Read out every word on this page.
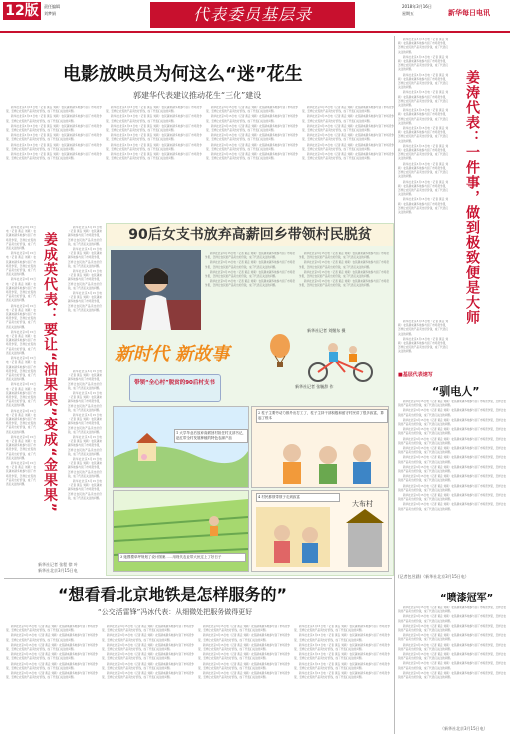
12版	责任编辑
刘梦娟	代表委员基层录	2018年3月16日
星期五	新华每日电讯
电影放映员为何这么“迷”花生
郭建华代表建议推动花生“三化”建设

新华社北京3月15日电（记者 黄垚 刘硕）农民越来越多地参与到了市场竞争里，怎样让农民的产品卖出好价钱，成了代表们关注的问题。

新华社北京3月15日电（记者 黄垚 刘硕）农民越来越多地参与到了市场竞争里，怎样让农民的产品卖出好价钱，成了代表们关注的问题。

新华社北京3月15日电（记者 黄垚 刘硕）农民越来越多地参与到了市场竞争里，怎样让农民的产品卖出好价钱，成了代表们关注的问题。

新华社北京3月15日电（记者 黄垚 刘硕）农民越来越多地参与到了市场竞争里，怎样让农民的产品卖出好价钱，成了代表们关注的问题。

新华社北京3月15日电（记者 黄垚 刘硕）农民越来越多地参与到了市场竞争里，怎样让农民的产品卖出好价钱，成了代表们关注的问题。

新华社北京3月15日电（记者 黄垚 刘硕）农民越来越多地参与到了市场竞争里，怎样让农民的产品卖出好价钱，成了代表们关注的问题。

新华社北京3月15日电（记者 黄垚 刘硕）农民越来越多地参与到了市场竞争里，怎样让农民的产品卖出好价钱，成了代表们关注的问题。

新华社北京3月15日电（记者 黄垚 刘硕）农民越来越多地参与到了市场竞争里，怎样让农民的产品卖出好价钱，成了代表们关注的问题。

新华社北京3月15日电（记者 黄垚 刘硕）农民越来越多地参与到了市场竞争里，怎样让农民的产品卖出好价钱，成了代表们关注的问题。

新华社北京3月15日电（记者 黄垚 刘硕）农民越来越多地参与到了市场竞争里，怎样让农民的产品卖出好价钱，成了代表们关注的问题。

新华社北京3月15日电（记者 黄垚 刘硕）农民越来越多地参与到了市场竞争里，怎样让农民的产品卖出好价钱，成了代表们关注的问题。

新华社北京3月15日电（记者 黄垚 刘硕）农民越来越多地参与到了市场竞争里，怎样让农民的产品卖出好价钱，成了代表们关注的问题。

新华社北京3月15日电（记者 黄垚 刘硕）农民越来越多地参与到了市场竞争里，怎样让农民的产品卖出好价钱，成了代表们关注的问题。

新华社北京3月15日电（记者 黄垚 刘硕）农民越来越多地参与到了市场竞争里，怎样让农民的产品卖出好价钱，成了代表们关注的问题。

新华社北京3月15日电（记者 黄垚 刘硕）农民越来越多地参与到了市场竞争里，怎样让农民的产品卖出好价钱，成了代表们关注的问题。

新华社北京3月15日电（记者 黄垚 刘硕）农民越来越多地参与到了市场竞争里，怎样让农民的产品卖出好价钱，成了代表们关注的问题。

新华社北京3月15日电（记者 黄垚 刘硕）农民越来越多地参与到了市场竞争里，怎样让农民的产品卖出好价钱，成了代表们关注的问题。

新华社北京3月15日电（记者 黄垚 刘硕）农民越来越多地参与到了市场竞争里，怎样让农民的产品卖出好价钱，成了代表们关注的问题。

新华社北京3月15日电（记者 黄垚 刘硕）农民越来越多地参与到了市场竞争里，怎样让农民的产品卖出好价钱，成了代表们关注的问题。

新华社北京3月15日电（记者 黄垚 刘硕）农民越来越多地参与到了市场竞争里，怎样让农民的产品卖出好价钱，成了代表们关注的问题。

新华社北京3月15日电（记者 黄垚 刘硕）农民越来越多地参与到了市场竞争里，怎样让农民的产品卖出好价钱，成了代表们关注的问题。

新华社北京3月15日电（记者 黄垚 刘硕）农民越来越多地参与到了市场竞争里，怎样让农民的产品卖出好价钱，成了代表们关注的问题。

新华社北京3月15日电（记者 黄垚 刘硕）农民越来越多地参与到了市场竞争里，怎样让农民的产品卖出好价钱，成了代表们关注的问题。

新华社北京3月15日电（记者 黄垚 刘硕）农民越来越多地参与到了市场竞争里，怎样让农民的产品卖出好价钱，成了代表们关注的问题。

姜成英代表：要让“油果果”变成“金果果”

新华社北京3月15日电（记者 黄垚 刘硕）农民越来越多地参与到了市场竞争里，怎样让农民的产品卖出好价钱，成了代表们关注的问题。

新华社北京3月15日电（记者 黄垚 刘硕）农民越来越多地参与到了市场竞争里，怎样让农民的产品卖出好价钱，成了代表们关注的问题。

新华社北京3月15日电（记者 黄垚 刘硕）农民越来越多地参与到了市场竞争里，怎样让农民的产品卖出好价钱，成了代表们关注的问题。

新华社北京3月15日电（记者 黄垚 刘硕）农民越来越多地参与到了市场竞争里，怎样让农民的产品卖出好价钱，成了代表们关注的问题。

新华社北京3月15日电（记者 黄垚 刘硕）农民越来越多地参与到了市场竞争里，怎样让农民的产品卖出好价钱，成了代表们关注的问题。

新华社北京3月15日电（记者 黄垚 刘硕）农民越来越多地参与到了市场竞争里，怎样让农民的产品卖出好价钱，成了代表们关注的问题。

新华社北京3月15日电（记者 黄垚 刘硕）农民越来越多地参与到了市场竞争里，怎样让农民的产品卖出好价钱，成了代表们关注的问题。

新华社北京3月15日电（记者 黄垚 刘硕）农民越来越多地参与到了市场竞争里，怎样让农民的产品卖出好价钱，成了代表们关注的问题。

新华社北京3月15日电（记者 黄垚 刘硕）农民越来越多地参与到了市场竞争里，怎样让农民的产品卖出好价钱，成了代表们关注的问题。

新华社北京3月15日电（记者 黄垚 刘硕）农民越来越多地参与到了市场竞争里，怎样让农民的产品卖出好价钱，成了代表们关注的问题。

新华社北京3月15日电（记者 黄垚 刘硕）农民越来越多地参与到了市场竞争里，怎样让农民的产品卖出好价钱，成了代表们关注的问题。

新华社北京3月15日电（记者 黄垚 刘硕）农民越来越多地参与到了市场竞争里，怎样让农民的产品卖出好价钱，成了代表们关注的问题。

新华社北京3月15日电（记者 黄垚 刘硕）农民越来越多地参与到了市场竞争里，怎样让农民的产品卖出好价钱，成了代表们关注的问题。

新华社北京3月15日电（记者 黄垚 刘硕）农民越来越多地参与到了市场竞争里，怎样让农民的产品卖出好价钱，成了代表们关注的问题。

新华社北京3月15日电（记者 黄垚 刘硕）农民越来越多地参与到了市场竞争里，怎样让农民的产品卖出好价钱，成了代表们关注的问题。

新华社北京3月15日电（记者 黄垚 刘硕）农民越来越多地参与到了市场竞争里，怎样让农民的产品卖出好价钱，成了代表们关注的问题。

新华社北京3月15日电（记者 黄垚 刘硕）农民越来越多地参与到了市场竞争里，怎样让农民的产品卖出好价钱，成了代表们关注的问题。

新华社北京3月15日电（记者 黄垚 刘硕）农民越来越多地参与到了市场竞争里，怎样让农民的产品卖出好价钱，成了代表们关注的问题。

新华社北京3月15日电（记者 黄垚 刘硕）农民越来越多地参与到了市场竞争里，怎样让农民的产品卖出好价钱，成了代表们关注的问题。

新华社北京3月15日电（记者 黄垚 刘硕）农民越来越多地参与到了市场竞争里，怎样让农民的产品卖出好价钱，成了代表们关注的问题。

新华社记者 张程 徐 叶
新华社北京3月15日电
90后女支书放弃高薪回乡带领村民脱贫

新华社北京3月15日电（记者 黄垚 刘硕）农民越来越多地参与到了市场竞争里，怎样让农民的产品卖出好价钱，成了代表们关注的问题。

新华社北京3月15日电（记者 黄垚 刘硕）农民越来越多地参与到了市场竞争里，怎样让农民的产品卖出好价钱，成了代表们关注的问题。

新华社北京3月15日电（记者 黄垚 刘硕）农民越来越多地参与到了市场竞争里，怎样让农民的产品卖出好价钱，成了代表们关注的问题。

新华社北京3月15日电（记者 黄垚 刘硕）农民越来越多地参与到了市场竞争里，怎样让农民的产品卖出好价钱，成了代表们关注的问题。

新华社北京3月15日电（记者 黄垚 刘硕）农民越来越多地参与到了市场竞争里，怎样让农民的产品卖出好价钱，成了代表们关注的问题。

新华社北京3月15日电（记者 黄垚 刘硕）农民越来越多地参与到了市场竞争里，怎样让农民的产品卖出好价钱，成了代表们关注的问题。

新华社北京3月15日电（记者 黄垚 刘硕）农民越来越多地参与到了市场竞争里，怎样让农民的产品卖出好价钱，成了代表们关注的问题。

新华社北京3月15日电（记者 黄垚 刘硕）农民越来越多地参与到了市场竞争里，怎样让农民的产品卖出好价钱，成了代表们关注的问题。

新华社记者 刘继东 摄
新时代 新故事
带领“全心村”脱贫的90后村支书
新华社记者 张毓辞 作
1 大学毕业后放弃高薪回村担任村支部书记，赵红带全村发展种植的特色农副产品
2 柱子主要劳动力都外出打工了，柱子主持干部积极和留守村民讲了很多致富，算起了账本
3 她摸摸草坪规划了设计图案……用现代农业带大伙过上了好日子
4 村民都领带领子走到致富
大布村

新华社北京3月15日电（记者 黄垚 刘硕）农民越来越多地参与到了市场竞争里，怎样让农民的产品卖出好价钱，成了代表们关注的问题。

新华社北京3月15日电（记者 黄垚 刘硕）农民越来越多地参与到了市场竞争里，怎样让农民的产品卖出好价钱，成了代表们关注的问题。

新华社北京3月15日电（记者 黄垚 刘硕）农民越来越多地参与到了市场竞争里，怎样让农民的产品卖出好价钱，成了代表们关注的问题。

新华社北京3月15日电（记者 黄垚 刘硕）农民越来越多地参与到了市场竞争里，怎样让农民的产品卖出好价钱，成了代表们关注的问题。

新华社北京3月15日电（记者 黄垚 刘硕）农民越来越多地参与到了市场竞争里，怎样让农民的产品卖出好价钱，成了代表们关注的问题。

新华社北京3月15日电（记者 黄垚 刘硕）农民越来越多地参与到了市场竞争里，怎样让农民的产品卖出好价钱，成了代表们关注的问题。

新华社北京3月15日电（记者 黄垚 刘硕）农民越来越多地参与到了市场竞争里，怎样让农民的产品卖出好价钱，成了代表们关注的问题。

新华社北京3月15日电（记者 黄垚 刘硕）农民越来越多地参与到了市场竞争里，怎样让农民的产品卖出好价钱，成了代表们关注的问题。

新华社北京3月15日电（记者 黄垚 刘硕）农民越来越多地参与到了市场竞争里，怎样让农民的产品卖出好价钱，成了代表们关注的问题。

新华社北京3月15日电（记者 黄垚 刘硕）农民越来越多地参与到了市场竞争里，怎样让农民的产品卖出好价钱，成了代表们关注的问题。	姜涛代表：一件事，做到极致便是大师

新华社北京3月15日电（记者 黄垚 刘硕）农民越来越多地参与到了市场竞争里，怎样让农民的产品卖出好价钱，成了代表们关注的问题。

新华社北京3月15日电（记者 黄垚 刘硕）农民越来越多地参与到了市场竞争里，怎样让农民的产品卖出好价钱，成了代表们关注的问题。

■基层代表速写
“驯电人”

新华社北京3月15日电（记者 黄垚 刘硕）农民越来越多地参与到了市场竞争里，怎样让农民的产品卖出好价钱，成了代表们关注的问题。

新华社北京3月15日电（记者 黄垚 刘硕）农民越来越多地参与到了市场竞争里，怎样让农民的产品卖出好价钱，成了代表们关注的问题。

新华社北京3月15日电（记者 黄垚 刘硕）农民越来越多地参与到了市场竞争里，怎样让农民的产品卖出好价钱，成了代表们关注的问题。

新华社北京3月15日电（记者 黄垚 刘硕）农民越来越多地参与到了市场竞争里，怎样让农民的产品卖出好价钱，成了代表们关注的问题。

新华社北京3月15日电（记者 黄垚 刘硕）农民越来越多地参与到了市场竞争里，怎样让农民的产品卖出好价钱，成了代表们关注的问题。

新华社北京3月15日电（记者 黄垚 刘硕）农民越来越多地参与到了市场竞争里，怎样让农民的产品卖出好价钱，成了代表们关注的问题。

新华社北京3月15日电（记者 黄垚 刘硕）农民越来越多地参与到了市场竞争里，怎样让农民的产品卖出好价钱，成了代表们关注的问题。

新华社北京3月15日电（记者 黄垚 刘硕）农民越来越多地参与到了市场竞争里，怎样让农民的产品卖出好价钱，成了代表们关注的问题。

新华社北京3月15日电（记者 黄垚 刘硕）农民越来越多地参与到了市场竞争里，怎样让农民的产品卖出好价钱，成了代表们关注的问题。

新华社北京3月15日电（记者 黄垚 刘硕）农民越来越多地参与到了市场竞争里，怎样让农民的产品卖出好价钱，成了代表们关注的问题。

新华社北京3月15日电（记者 黄垚 刘硕）农民越来越多地参与到了市场竞争里，怎样让农民的产品卖出好价钱，成了代表们关注的问题。

新华社北京3月15日电（记者 黄垚 刘硕）农民越来越多地参与到了市场竞争里，怎样让农民的产品卖出好价钱，成了代表们关注的问题。

(记者包昱涵)（新华社北京3月15日电）
“喷漆冠军”

新华社北京3月15日电（记者 黄垚 刘硕）农民越来越多地参与到了市场竞争里，怎样让农民的产品卖出好价钱，成了代表们关注的问题。

新华社北京3月15日电（记者 黄垚 刘硕）农民越来越多地参与到了市场竞争里，怎样让农民的产品卖出好价钱，成了代表们关注的问题。

新华社北京3月15日电（记者 黄垚 刘硕）农民越来越多地参与到了市场竞争里，怎样让农民的产品卖出好价钱，成了代表们关注的问题。

新华社北京3月15日电（记者 黄垚 刘硕）农民越来越多地参与到了市场竞争里，怎样让农民的产品卖出好价钱，成了代表们关注的问题。

新华社北京3月15日电（记者 黄垚 刘硕）农民越来越多地参与到了市场竞争里，怎样让农民的产品卖出好价钱，成了代表们关注的问题。

新华社北京3月15日电（记者 黄垚 刘硕）农民越来越多地参与到了市场竞争里，怎样让农民的产品卖出好价钱，成了代表们关注的问题。

新华社北京3月15日电（记者 黄垚 刘硕）农民越来越多地参与到了市场竞争里，怎样让农民的产品卖出好价钱，成了代表们关注的问题。

新华社北京3月15日电（记者 黄垚 刘硕）农民越来越多地参与到了市场竞争里，怎样让农民的产品卖出好价钱，成了代表们关注的问题。

（新华社北京3月15日电）
“想看看北京地铁是怎样服务的”
“公交活雷锋”冯冰代表：从细微处把服务做得更好

新华社北京3月15日电（记者 黄垚 刘硕）农民越来越多地参与到了市场竞争里，怎样让农民的产品卖出好价钱，成了代表们关注的问题。

新华社北京3月15日电（记者 黄垚 刘硕）农民越来越多地参与到了市场竞争里，怎样让农民的产品卖出好价钱，成了代表们关注的问题。

新华社北京3月15日电（记者 黄垚 刘硕）农民越来越多地参与到了市场竞争里，怎样让农民的产品卖出好价钱，成了代表们关注的问题。

新华社北京3月15日电（记者 黄垚 刘硕）农民越来越多地参与到了市场竞争里，怎样让农民的产品卖出好价钱，成了代表们关注的问题。

新华社北京3月15日电（记者 黄垚 刘硕）农民越来越多地参与到了市场竞争里，怎样让农民的产品卖出好价钱，成了代表们关注的问题。

新华社北京3月15日电（记者 黄垚 刘硕）农民越来越多地参与到了市场竞争里，怎样让农民的产品卖出好价钱，成了代表们关注的问题。

新华社北京3月15日电（记者 黄垚 刘硕）农民越来越多地参与到了市场竞争里，怎样让农民的产品卖出好价钱，成了代表们关注的问题。

新华社北京3月15日电（记者 黄垚 刘硕）农民越来越多地参与到了市场竞争里，怎样让农民的产品卖出好价钱，成了代表们关注的问题。

新华社北京3月15日电（记者 黄垚 刘硕）农民越来越多地参与到了市场竞争里，怎样让农民的产品卖出好价钱，成了代表们关注的问题。

新华社北京3月15日电（记者 黄垚 刘硕）农民越来越多地参与到了市场竞争里，怎样让农民的产品卖出好价钱，成了代表们关注的问题。

新华社北京3月15日电（记者 黄垚 刘硕）农民越来越多地参与到了市场竞争里，怎样让农民的产品卖出好价钱，成了代表们关注的问题。

新华社北京3月15日电（记者 黄垚 刘硕）农民越来越多地参与到了市场竞争里，怎样让农民的产品卖出好价钱，成了代表们关注的问题。

新华社北京3月15日电（记者 黄垚 刘硕）农民越来越多地参与到了市场竞争里，怎样让农民的产品卖出好价钱，成了代表们关注的问题。

新华社北京3月15日电（记者 黄垚 刘硕）农民越来越多地参与到了市场竞争里，怎样让农民的产品卖出好价钱，成了代表们关注的问题。

新华社北京3月15日电（记者 黄垚 刘硕）农民越来越多地参与到了市场竞争里，怎样让农民的产品卖出好价钱，成了代表们关注的问题。

新华社北京3月15日电（记者 黄垚 刘硕）农民越来越多地参与到了市场竞争里，怎样让农民的产品卖出好价钱，成了代表们关注的问题。

新华社北京3月15日电（记者 黄垚 刘硕）农民越来越多地参与到了市场竞争里，怎样让农民的产品卖出好价钱，成了代表们关注的问题。

新华社北京3月15日电（记者 黄垚 刘硕）农民越来越多地参与到了市场竞争里，怎样让农民的产品卖出好价钱，成了代表们关注的问题。

新华社北京3月15日电（记者 黄垚 刘硕）农民越来越多地参与到了市场竞争里，怎样让农民的产品卖出好价钱，成了代表们关注的问题。

新华社北京3月15日电（记者 黄垚 刘硕）农民越来越多地参与到了市场竞争里，怎样让农民的产品卖出好价钱，成了代表们关注的问题。

新华社北京3月15日电（记者 黄垚 刘硕）农民越来越多地参与到了市场竞争里，怎样让农民的产品卖出好价钱，成了代表们关注的问题。

新华社北京3月15日电（记者 黄垚 刘硕）农民越来越多地参与到了市场竞争里，怎样让农民的产品卖出好价钱，成了代表们关注的问题。

新华社北京3月15日电（记者 黄垚 刘硕）农民越来越多地参与到了市场竞争里，怎样让农民的产品卖出好价钱，成了代表们关注的问题。

新华社北京3月15日电（记者 黄垚 刘硕）农民越来越多地参与到了市场竞争里，怎样让农民的产品卖出好价钱，成了代表们关注的问题。
